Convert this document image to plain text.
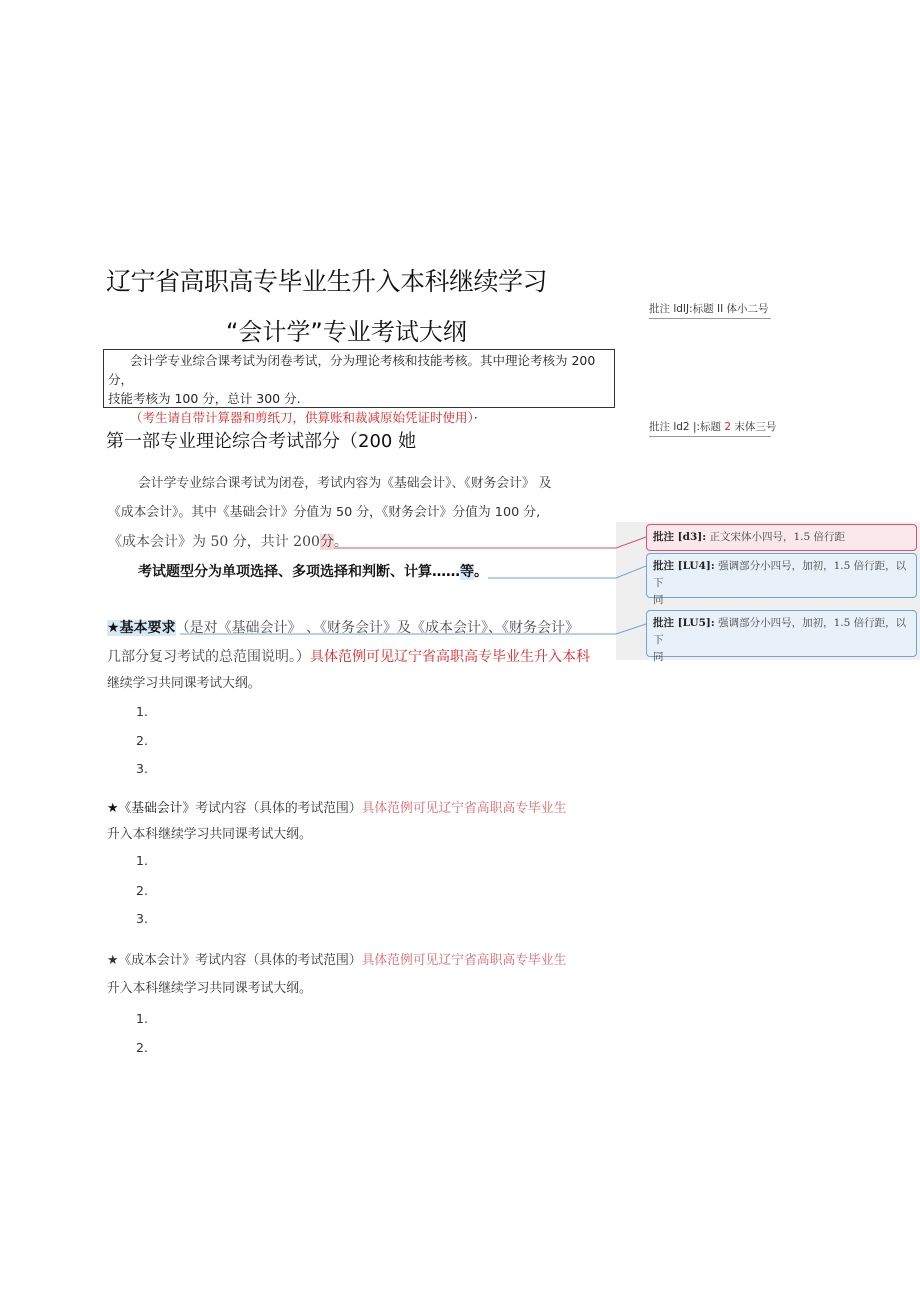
辽宁省高职高专毕业生升入本科继续学习
“会计学”专业考试大纲
批注 ldIJ:标题 II 体小二号
批注 ld2 |:标题 2 末体三号
会计学专业综合课考试为闭卷考试，分为理论考核和技能考核。其中理论考核为 200 分，
技能考核为 100 分，总计 300 分.
（考生请自带计算器和剪纸刀，供算账和裁减原始凭证时使用）·
第一部专业理论综合考试部分（200 她
会计学专业综合课考试为闭卷，考试内容为《基础会计》、《财务会计》 及
《成本会计》。其中《基础会计》分值为 50 分，《财务会计》分值为 100 分,
《成本会计》为 50 分，共计 200分。
考试题型分为单项选择、多项选择和判断、计算……等。
★基本要求（是对《基础会计》 、《财务会计》及《成本会计》、《财务会计》
几部分复习考试的总范围说明。）具体范例可见辽宁省高职高专毕业生升入本科
继续学习共同课考试大纲。
1.
2.
3.
★《基础会计》考试内容（具体的考试范围）具体范例可见辽宁省高职高专毕业生
升入本科继续学习共同课考试大纲。
1.
2.
3.
★《成本会计》考试内容（具体的考试范围）具体范例可见辽宁省高职高专毕业生
升入本科继续学习共同课考试大纲。
1.
2.
批注 [d3]: 正文宋体小四号，1.5 倍行距
批注 [LU4]: 强调部分小四号，加初，1.5 倍行距，以下
同
批注 [LU5]: 强调部分小四号，加初，1.5 倍行距，以下
同
